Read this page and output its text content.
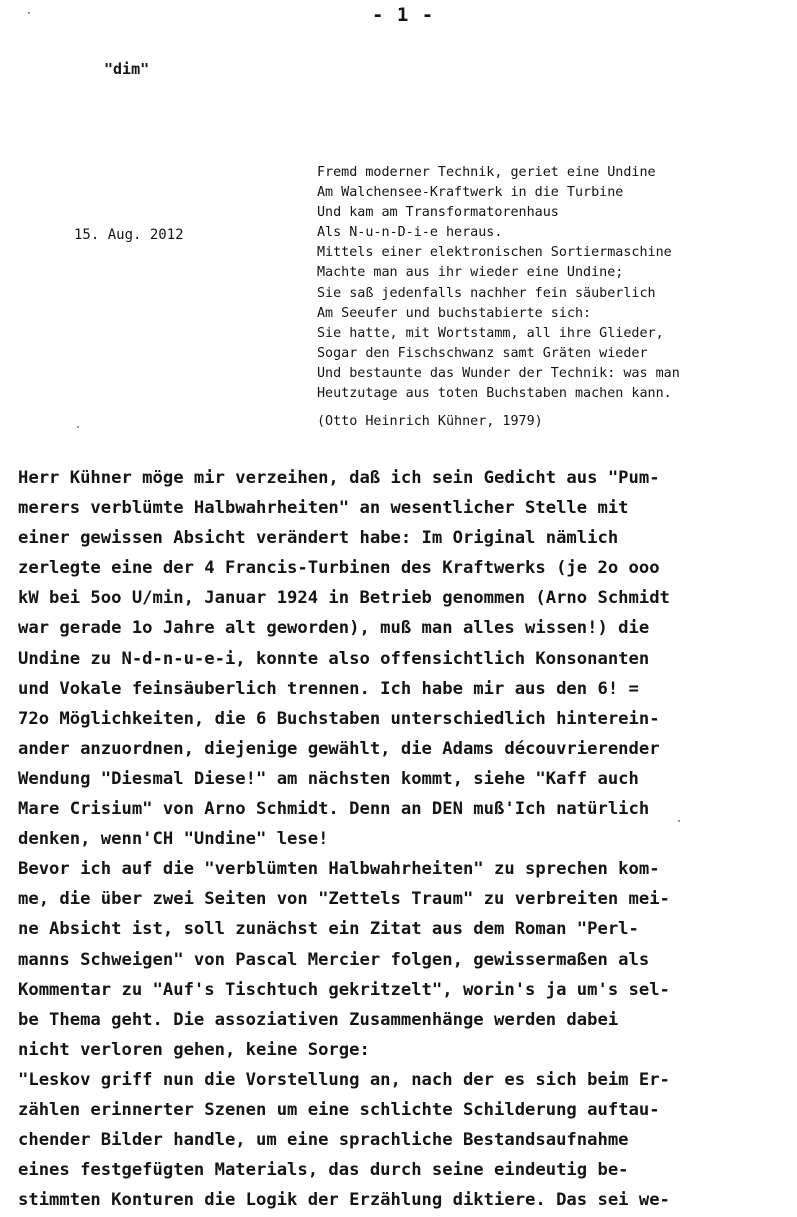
- 1 -
"dim"
15. Aug. 2012
Fremd moderner Technik, geriet eine Undine
Am Walchensee-Kraftwerk in die Turbine
Und kam am Transformatorenhaus
Als N-u-n-D-i-e heraus.
Mittels einer elektronischen Sortiermaschine
Machte man aus ihr wieder eine Undine;
Sie saß jedenfalls nachher fein säuberlich
Am Seeufer und buchstabierte sich:
Sie hatte, mit Wortstamm, all ihre Glieder,
Sogar den Fischschwanz samt Gräten wieder
Und bestaunte das Wunder der Technik: was man
Heutzutage aus toten Buchstaben machen kann.
(Otto Heinrich Kühner, 1979)
Herr Kühner möge mir verzeihen, daß ich sein Gedicht aus "Pum-
merers verblümte Halbwahrheiten" an wesentlicher Stelle mit
einer gewissen Absicht verändert habe: Im Original nämlich
zerlegte eine der 4 Francis-Turbinen des Kraftwerks (je 2o ooo
kW bei 5oo U/min, Januar 1924 in Betrieb genommen (Arno Schmidt
war gerade 1o Jahre alt geworden), muß man alles wissen!) die
Undine zu N-d-n-u-e-i, konnte also offensichtlich Konsonanten
und Vokale feinsäuberlich trennen. Ich habe mir aus den 6! =
72o Möglichkeiten, die 6 Buchstaben unterschiedlich hinterein-
ander anzuordnen, diejenige gewählt, die Adams découvrierender
Wendung "Diesmal Diese!" am nächsten kommt, siehe "Kaff auch
Mare Crisium" von Arno Schmidt. Denn an DEN muß'Ich natürlich
denken, wenn'CH "Undine" lese!
Bevor ich auf die "verblümten Halbwahrheiten" zu sprechen kom-
me, die über zwei Seiten von "Zettels Traum" zu verbreiten mei-
ne Absicht ist, soll zunächst ein Zitat aus dem Roman "Perl-
manns Schweigen" von Pascal Mercier folgen, gewissermaßen als
Kommentar zu "Auf's Tischtuch gekritzelt", worin's ja um's sel-
be Thema geht. Die assoziativen Zusammenhänge werden dabei
nicht verloren gehen, keine Sorge:
"Leskov griff nun die Vorstellung an, nach der es sich beim Er-
zählen erinnerter Szenen um eine schlichte Schilderung auftau-
chender Bilder handle, um eine sprachliche Bestandsaufnahme
eines festgefügten Materials, das durch seine eindeutig be-
stimmten Konturen die Logik der Erzählung diktiere. Das sei we-
